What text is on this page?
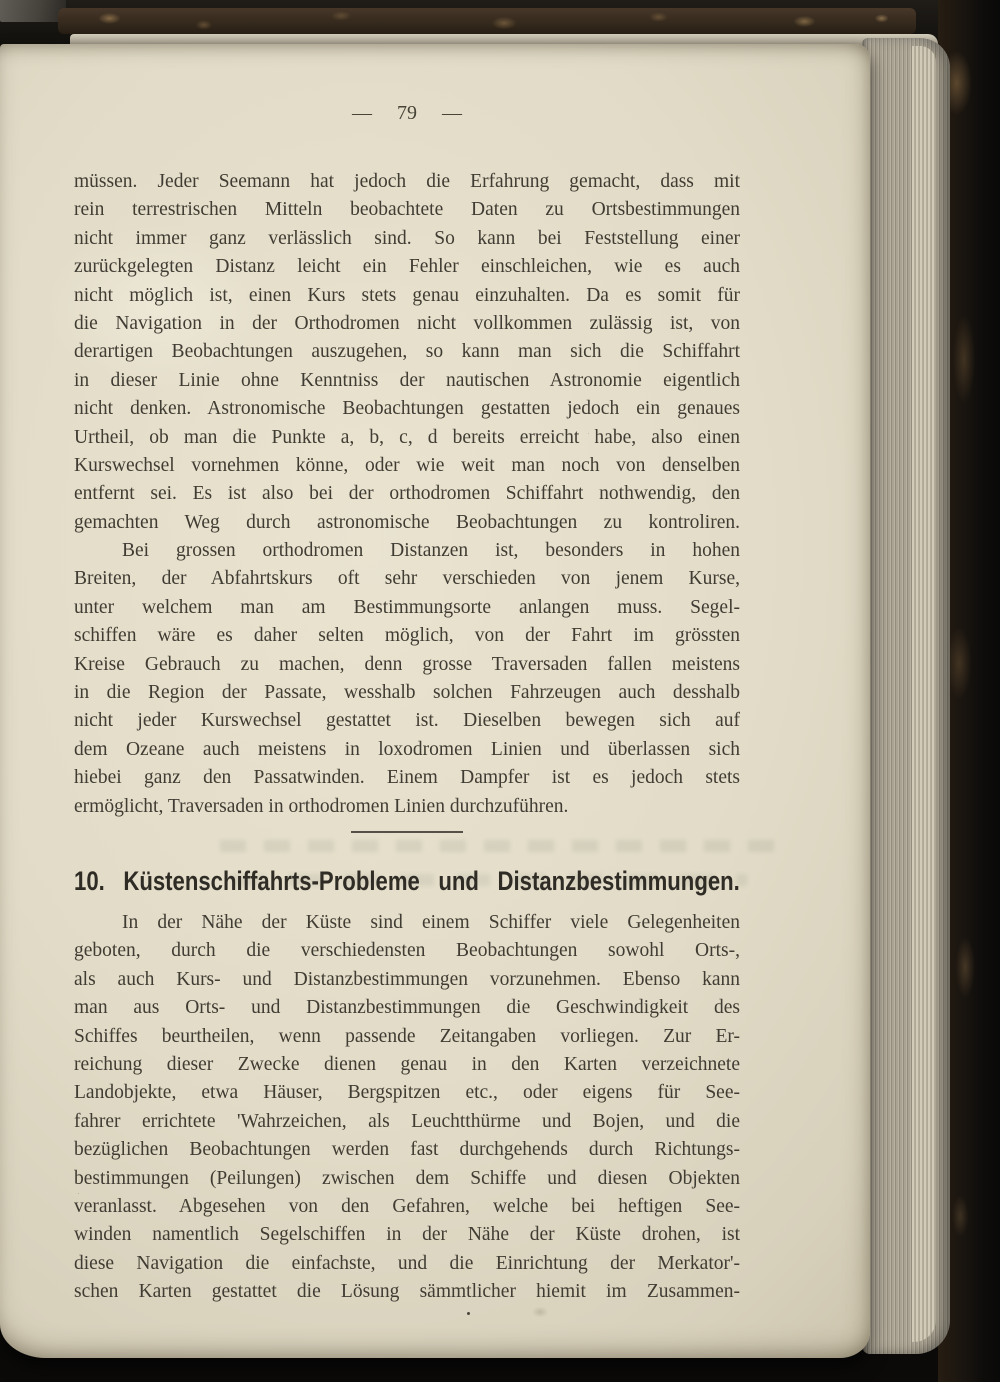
— 79 —
müssen. Jeder Seemann hat jedoch die Erfahrung gemacht, dass mit
rein terrestrischen Mitteln beobachtete Daten zu Ortsbestimmungen
nicht immer ganz verlässlich sind. So kann bei Feststellung einer
zurückgelegten Distanz leicht ein Fehler einschleichen, wie es auch
nicht möglich ist, einen Kurs stets genau einzuhalten. Da es somit für
die Navigation in der Orthodromen nicht vollkommen zulässig ist, von
derartigen Beobachtungen auszugehen, so kann man sich die Schiffahrt
in dieser Linie ohne Kenntniss der nautischen Astronomie eigentlich
nicht denken. Astronomische Beobachtungen gestatten jedoch ein genaues
Urtheil, ob man die Punkte a, b, c, d bereits erreicht habe, also einen
Kurswechsel vornehmen könne, oder wie weit man noch von denselben
entfernt sei. Es ist also bei der orthodromen Schiffahrt nothwendig, den
gemachten Weg durch astronomische Beobachtungen zu kontroliren.
Bei grossen orthodromen Distanzen ist, besonders in hohen
Breiten, der Abfahrtskurs oft sehr verschieden von jenem Kurse,
unter welchem man am Bestimmungsorte anlangen muss. Segel-
schiffen wäre es daher selten möglich, von der Fahrt im grössten
Kreise Gebrauch zu machen, denn grosse Traversaden fallen meistens
in die Region der Passate, wesshalb solchen Fahrzeugen auch desshalb
nicht jeder Kurswechsel gestattet ist. Dieselben bewegen sich auf
dem Ozeane auch meistens in loxodromen Linien und überlassen sich
hiebei ganz den Passatwinden. Einem Dampfer ist es jedoch stets
ermöglicht, Traversaden in orthodromen Linien durchzuführen.
10. Küstenschiffahrts-Probleme und Distanzbestimmungen.
In der Nähe der Küste sind einem Schiffer viele Gelegenheiten
geboten, durch die verschiedensten Beobachtungen sowohl Orts-,
als auch Kurs- und Distanzbestimmungen vorzunehmen. Ebenso kann
man aus Orts- und Distanzbestimmungen die Geschwindigkeit des
Schiffes beurtheilen, wenn passende Zeitangaben vorliegen. Zur Er-
reichung dieser Zwecke dienen genau in den Karten verzeichnete
Landobjekte, etwa Häuser, Bergspitzen etc., oder eigens für See-
fahrer errichtete 'Wahrzeichen, als Leuchtthürme und Bojen, und die
bezüglichen Beobachtungen werden fast durchgehends durch Richtungs-
bestimmungen (Peilungen) zwischen dem Schiffe und diesen Objekten
veranlasst. Abgesehen von den Gefahren, welche bei heftigen See-
winden namentlich Segelschiffen in der Nähe der Küste drohen, ist
diese Navigation die einfachste, und die Einrichtung der Merkator'-
schen Karten gestattet die Lösung sämmtlicher hiemit im Zusammen-
